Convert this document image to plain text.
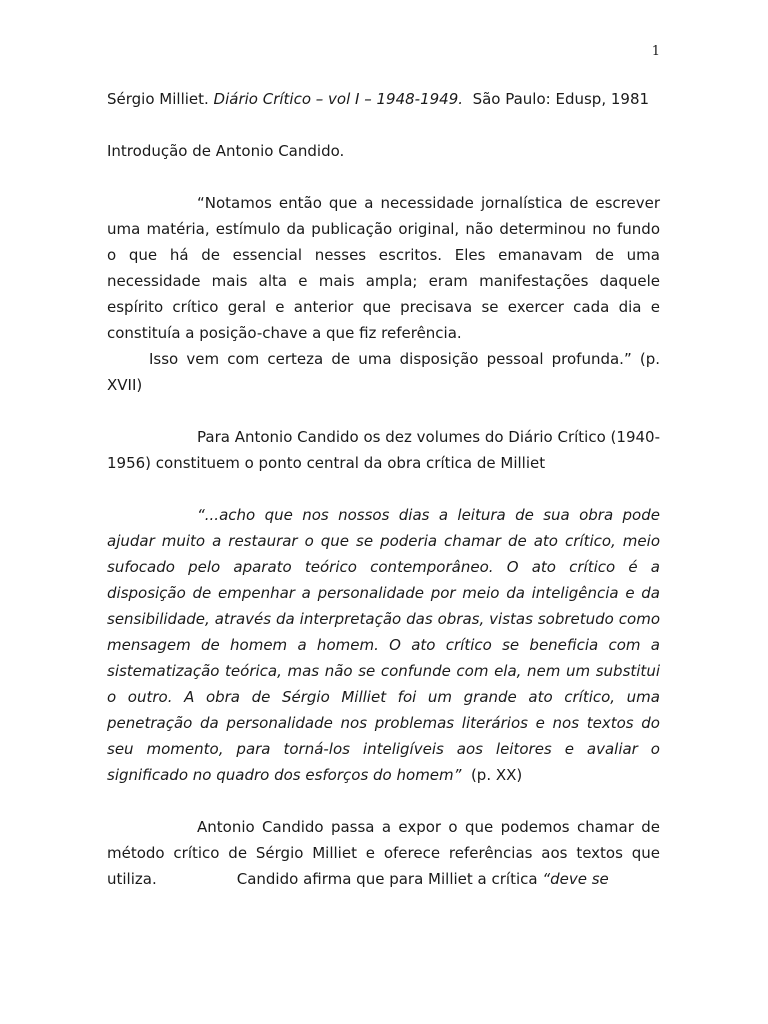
1

Sérgio Milliet. Diário Crítico – vol I – 1948-1949.  São Paulo: Edusp, 1981

Introdução de Antonio Candido.

“Notamos então que a necessidade jornalística de escrever uma matéria, estímulo da publicação original, não determinou no fundo o que há de essencial nesses escritos. Eles emanavam de uma necessidade mais alta e mais ampla; eram manifestações daquele espírito crítico geral e anterior que precisava se exercer cada dia e constituía a posição-chave a que fiz referência.

Isso vem com certeza de uma disposição pessoal profunda.” (p. XVII)

Para Antonio Candido os dez volumes do Diário Crítico (1940-1956) constituem o ponto central da obra crítica de Milliet

“...acho que nos nossos dias a leitura de sua obra pode ajudar muito a restaurar o que se poderia chamar de ato crítico, meio sufocado pelo aparato teórico contemporâneo. O ato crítico é a disposição de empenhar a personalidade por meio da inteligência e da sensibilidade, através da interpretação das obras, vistas sobretudo como mensagem de homem a homem. O ato crítico se beneficia com a sistematização teórica, mas não se confunde com ela, nem um substitui o outro. A obra de Sérgio Milliet foi um grande ato crítico, uma penetração da personalidade nos problemas literários e nos textos do seu momento, para torná-los inteligíveis aos leitores e avaliar o significado no quadro dos esforços do homem”  (p. XX)

Antonio Candido passa a expor o que podemos chamar de método crítico de Sérgio Milliet e oferece referências aos textos que utiliza.	Candido afirma que para Milliet a crítica “deve se
